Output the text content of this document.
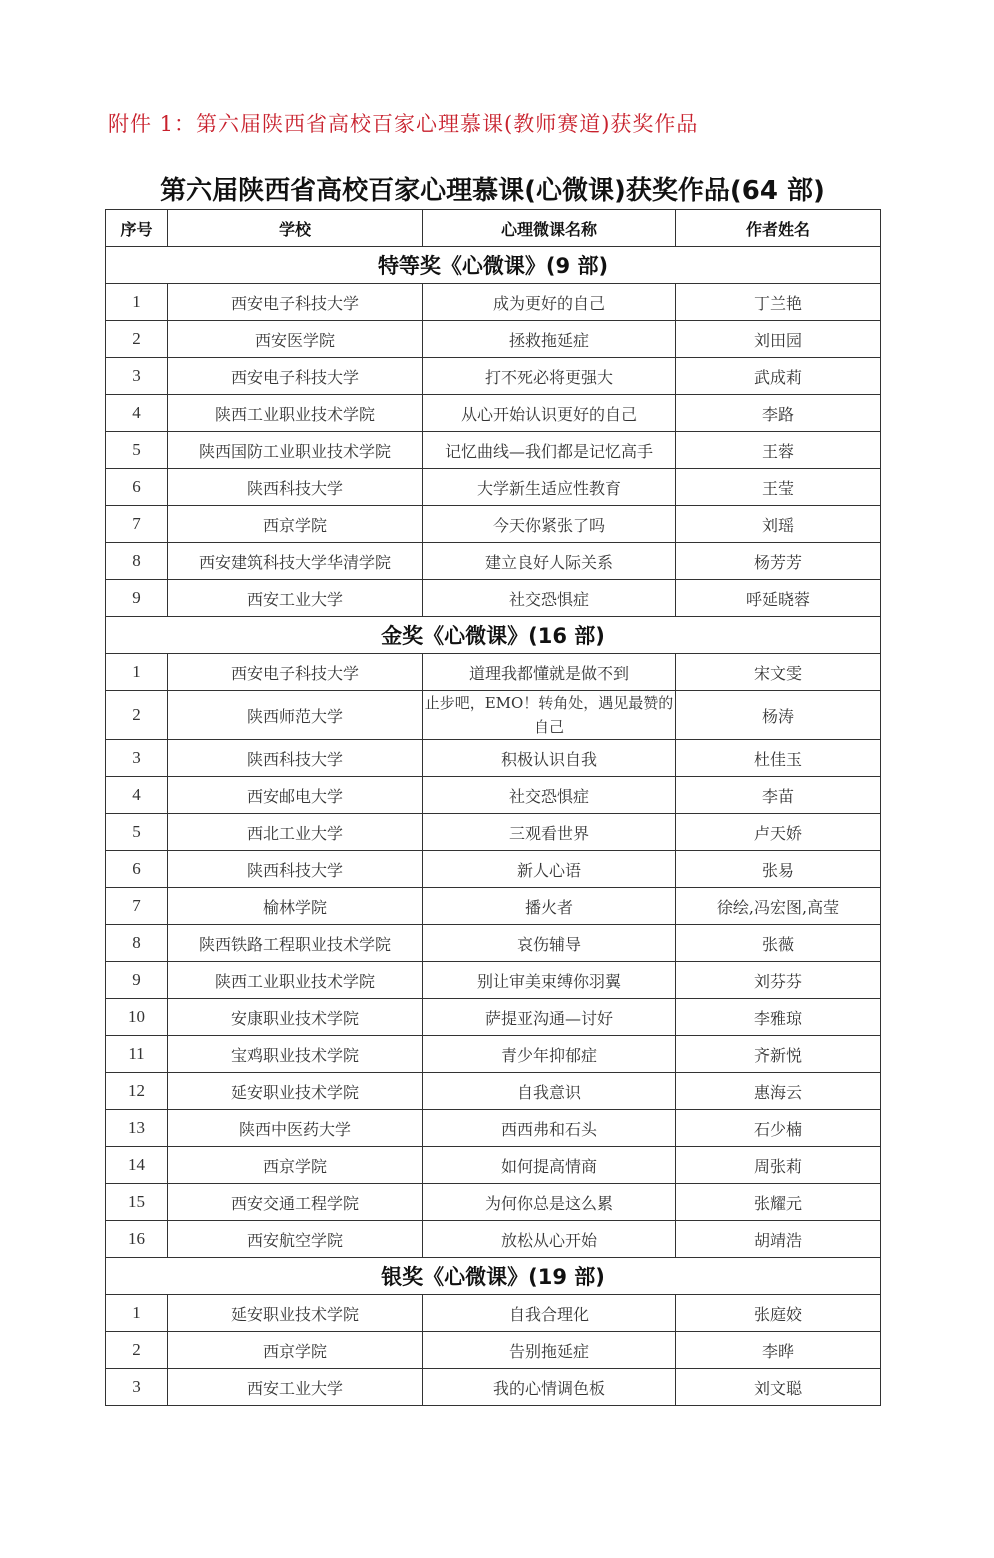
附件 1：第六届陕西省高校百家心理慕课(教师赛道)获奖作品
第六届陕西省高校百家心理慕课(心微课)获奖作品(64 部)
序号	学校	心理微课名称	作者姓名
特等奖《心微课》(9 部)			
1	西安电子科技大学	成为更好的自己	丁兰艳
2	西安医学院	拯救拖延症	刘田园
3	西安电子科技大学	打不死必将更强大	武成莉
4	陕西工业职业技术学院	从心开始认识更好的自己	李路
5	陕西国防工业职业技术学院	记忆曲线—我们都是记忆高手	王蓉
6	陕西科技大学	大学新生适应性教育	王莹
7	西京学院	今天你紧张了吗	刘瑶
8	西安建筑科技大学华清学院	建立良好人际关系	杨芳芳
9	西安工业大学	社交恐惧症	呼延晓蓉
金奖《心微课》(16 部)			
1	西安电子科技大学	道理我都懂就是做不到	宋文雯
2	陕西师范大学	止步吧，EMO！转角处，遇见最赞的自己	杨涛
3	陕西科技大学	积极认识自我	杜佳玉
4	西安邮电大学	社交恐惧症	李苗
5	西北工业大学	三观看世界	卢天娇
6	陕西科技大学	新人心语	张易
7	榆林学院	播火者	徐绘,冯宏图,高莹
8	陕西铁路工程职业技术学院	哀伤辅导	张薇
9	陕西工业职业技术学院	别让审美束缚你羽翼	刘芬芬
10	安康职业技术学院	萨提亚沟通—讨好	李雅琼
11	宝鸡职业技术学院	青少年抑郁症	齐新悦
12	延安职业技术学院	自我意识	惠海云
13	陕西中医药大学	西西弗和石头	石少楠
14	西京学院	如何提高情商	周张莉
15	西安交通工程学院	为何你总是这么累	张耀元
16	西安航空学院	放松从心开始	胡靖浩
银奖《心微课》(19 部)			
1	延安职业技术学院	自我合理化	张庭姣
2	西京学院	告别拖延症	李晔
3	西安工业大学	我的心情调色板	刘文聪
